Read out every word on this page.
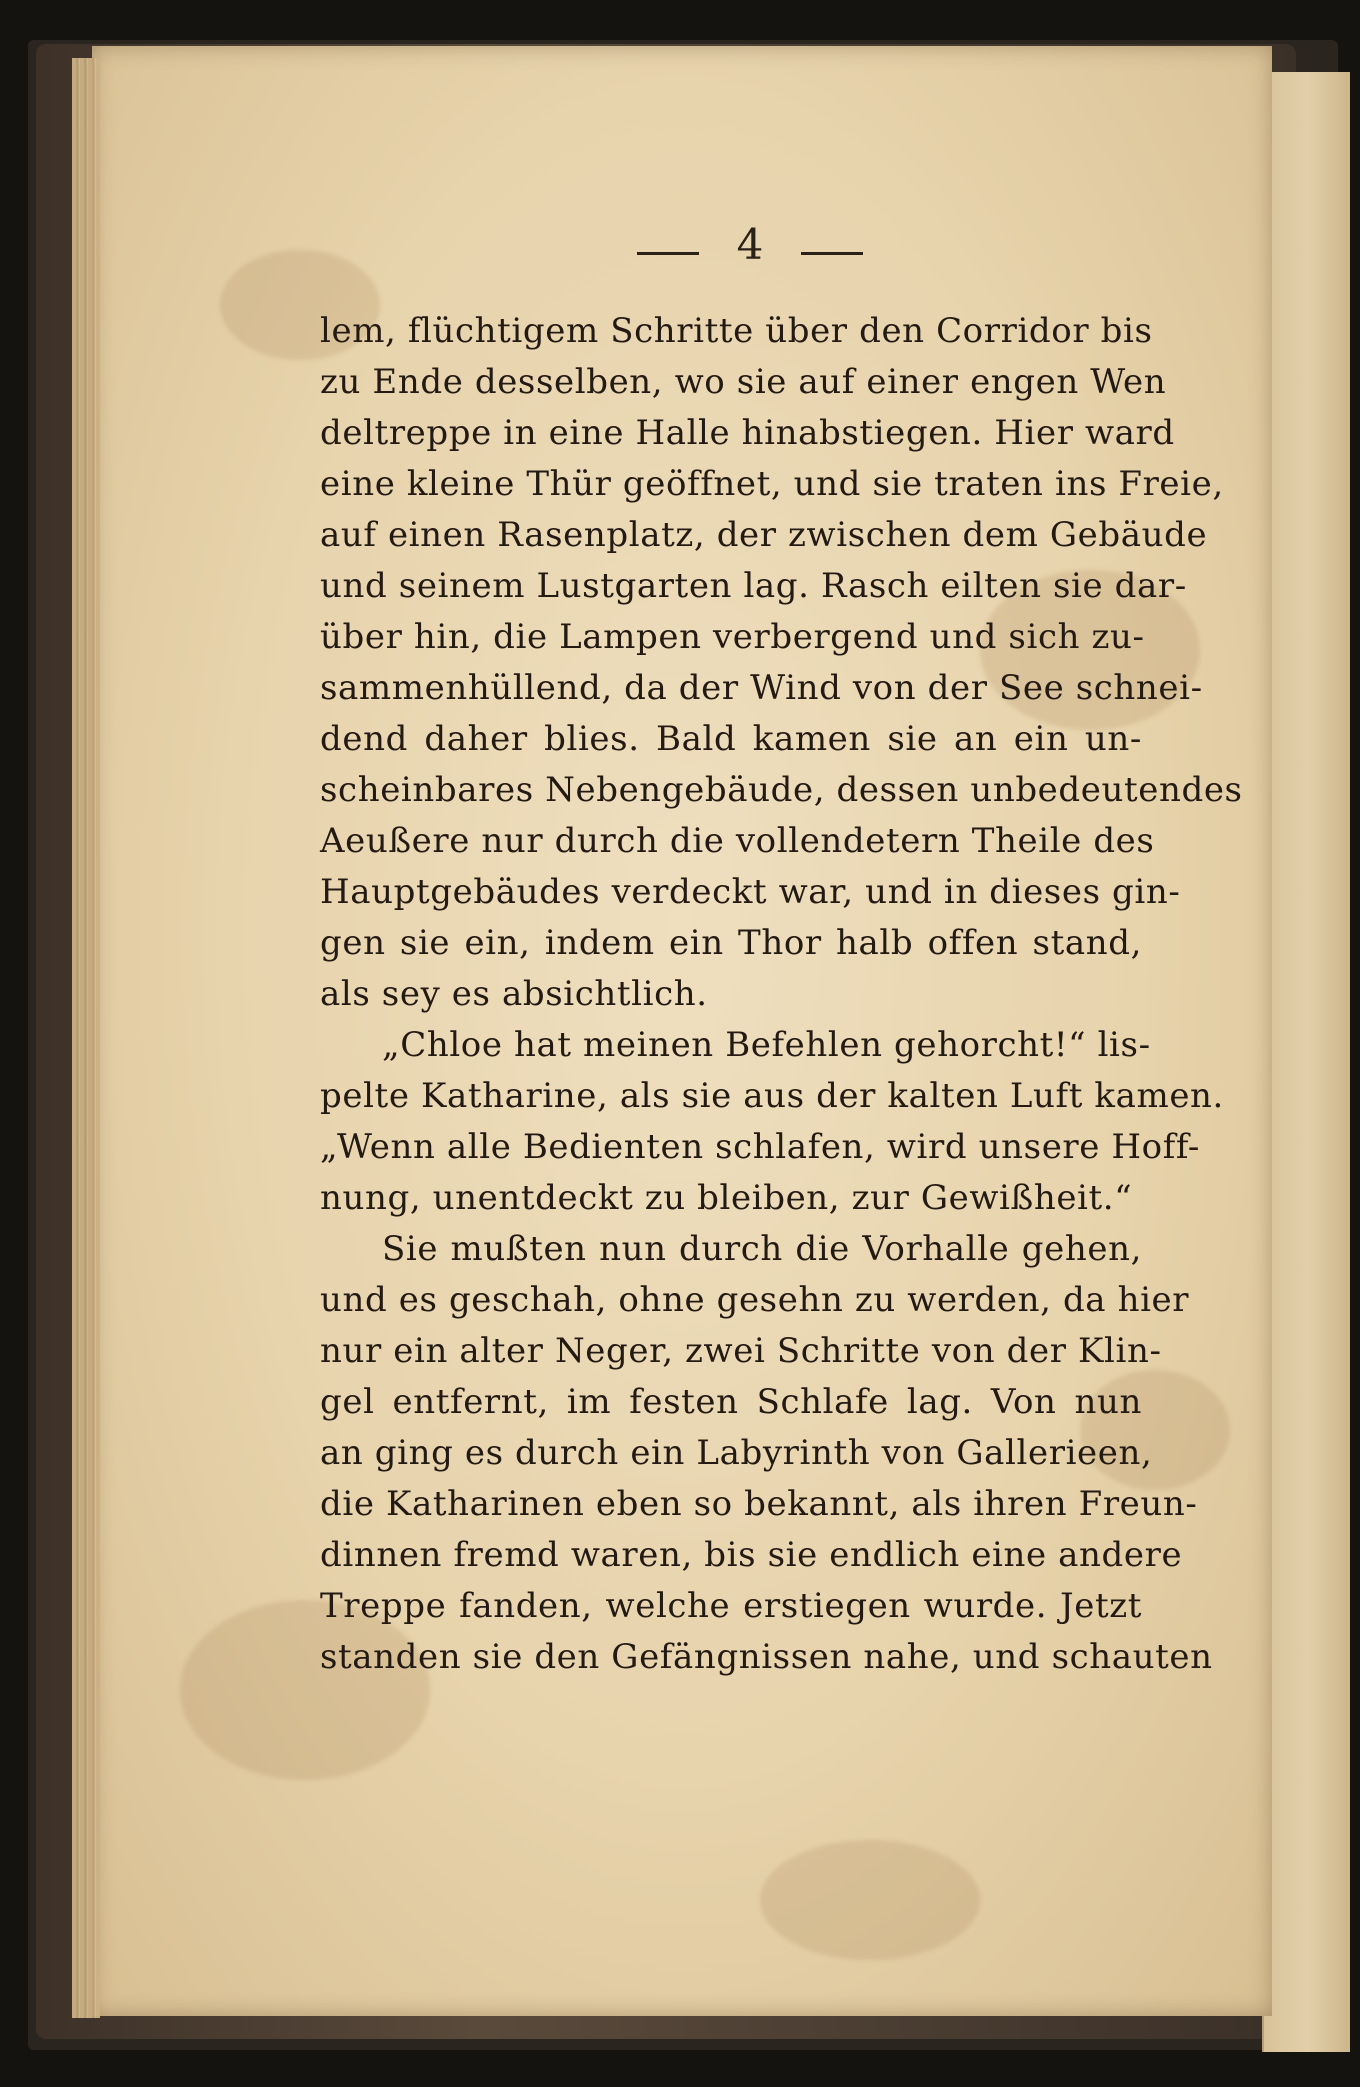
4
lem, flüchtigem Schritte über den Corridor bis
zu Ende desselben, wo sie auf einer engen Wen
deltreppe in eine Halle hinabstiegen. Hier ward
eine kleine Thür geöffnet, und sie traten ins Freie,
auf einen Rasenplatz, der zwischen dem Gebäude
und seinem Lustgarten lag. Rasch eilten sie dar-
über hin, die Lampen verbergend und sich zu-
sammenhüllend, da der Wind von der See schnei-
dend daher blies. Bald kamen sie an ein un-
scheinbares Nebengebäude, dessen unbedeutendes
Aeußere nur durch die vollendetern Theile des
Hauptgebäudes verdeckt war, und in dieses gin-
gen sie ein, indem ein Thor halb offen stand,
als sey es absichtlich.
„Chloe hat meinen Befehlen gehorcht!“ lis-
pelte Katharine, als sie aus der kalten Luft kamen.
„Wenn alle Bedienten schlafen, wird unsere Hoff-
nung, unentdeckt zu bleiben, zur Gewißheit.“
Sie mußten nun durch die Vorhalle gehen,
und es geschah, ohne gesehn zu werden, da hier
nur ein alter Neger, zwei Schritte von der Klin-
gel entfernt, im festen Schlafe lag. Von nun
an ging es durch ein Labyrinth von Gallerieen,
die Katharinen eben so bekannt, als ihren Freun-
dinnen fremd waren, bis sie endlich eine andere
Treppe fanden, welche erstiegen wurde. Jetzt
standen sie den Gefängnissen nahe, und schauten
